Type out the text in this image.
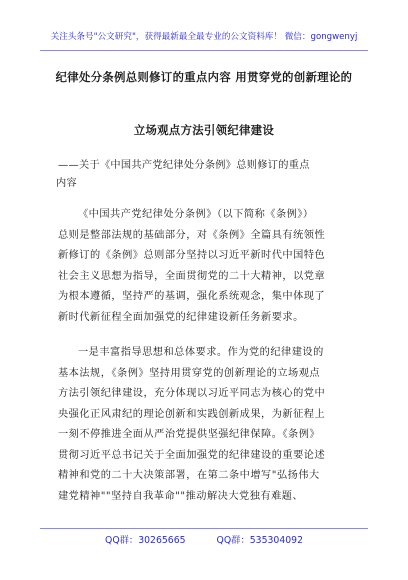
关注头条号"公文研究"，获得最新最全最专业的公文资料库！ 微信：gongwenyj
纪律处分条例总则修订的重点内容 用贯穿党的创新理论的
立场观点方法引领纪律建设
——关于《中国共产党纪律处分条例》总则修订的重点
内容
《中国共产党纪律处分条例》（以下简称《条例》）
总则是整部法规的基础部分，对《条例》全篇具有统领性
新修订的《条例》总则部分坚持以习近平新时代中国特色
社会主义思想为指导，全面贯彻党的二十大精神，以党章
为根本遵循，坚持严的基调，强化系统观念，集中体现了
新时代新征程全面加强党的纪律建设新任务新要求。
一是丰富指导思想和总体要求。作为党的纪律建设的
基本法规，《条例》坚持用贯穿党的创新理论的立场观点
方法引领纪律建设，充分体现以习近平同志为核心的党中
央强化正风肃纪的理论创新和实践创新成果，为新征程上
一刻不停推进全面从严治党提供坚强纪律保障。《条例》
贯彻习近平总书记关于全面加强党的纪律建设的重要论述
精神和党的二十大决策部署，在第二条中增写"弘扬伟大
建党精神""坚持自我革命""推动解决大党独有难题、
QQ群：30265665	QQ群：535304092
